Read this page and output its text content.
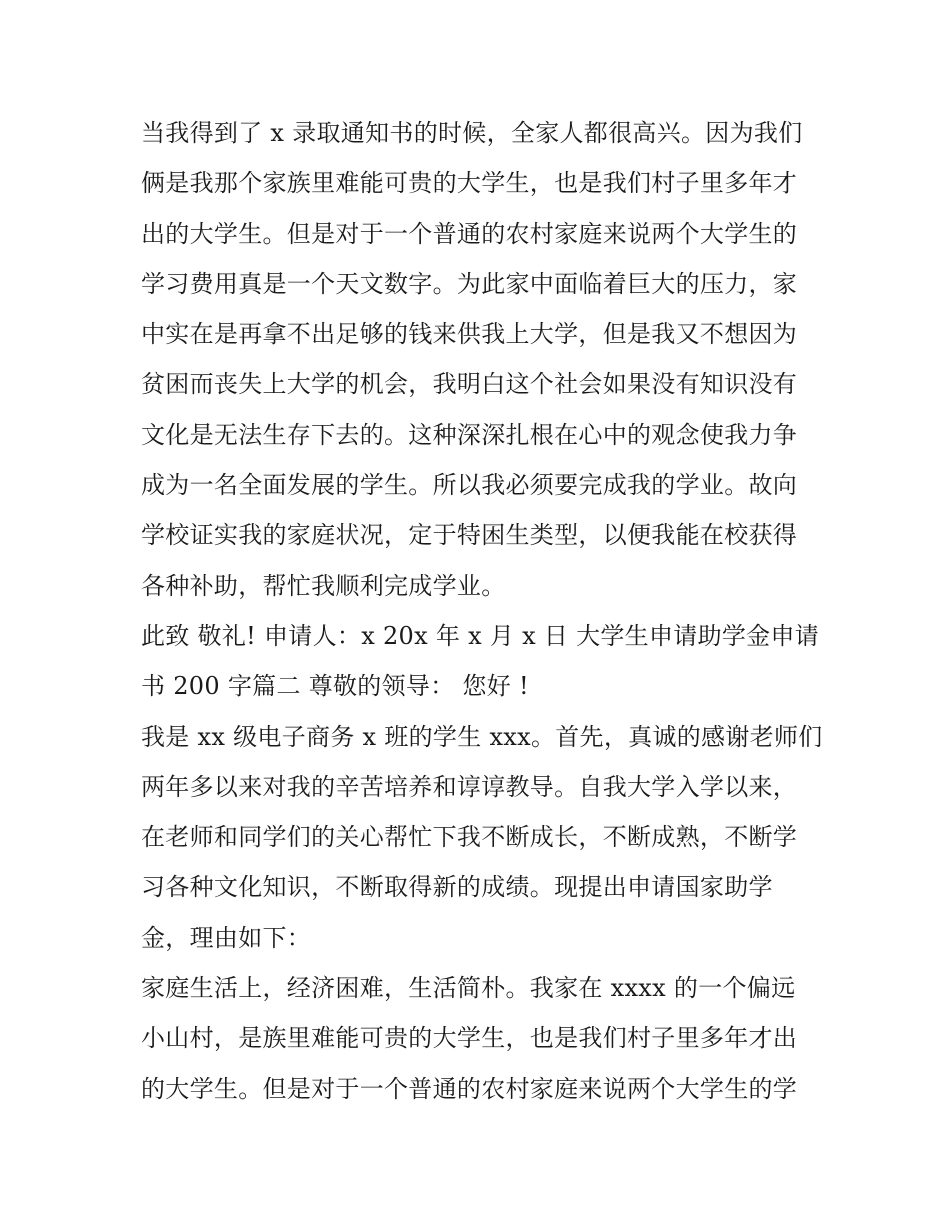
当我得到了 x 录取通知书的时候，全家人都很高兴。因为我们
俩是我那个家族里难能可贵的大学生，也是我们村子里多年才
出的大学生。但是对于一个普通的农村家庭来说两个大学生的
学习费用真是一个天文数字。为此家中面临着巨大的压力，家
中实在是再拿不出足够的钱来供我上大学，但是我又不想因为
贫困而丧失上大学的机会，我明白这个社会如果没有知识没有
文化是无法生存下去的。这种深深扎根在心中的观念使我力争
成为一名全面发展的学生。所以我必须要完成我的学业。故向
学校证实我的家庭状况，定于特困生类型，以便我能在校获得
各种补助，帮忙我顺利完成学业。
此致 敬礼! 申请人：x 20x 年 x 月 x 日 大学生申请助学金申请
书 200 字篇二 尊敬的领导： 您好 !
我是 xx 级电子商务 x 班的学生 xxx。首先，真诚的感谢老师们
两年多以来对我的辛苦培养和谆谆教导。自我大学入学以来，
在老师和同学们的关心帮忙下我不断成长，不断成熟，不断学
习各种文化知识，不断取得新的成绩。现提出申请国家助学
金，理由如下：
家庭生活上，经济困难，生活简朴。我家在 xxxx 的一个偏远
小山村，是族里难能可贵的大学生，也是我们村子里多年才出
的大学生。但是对于一个普通的农村家庭来说两个大学生的学
